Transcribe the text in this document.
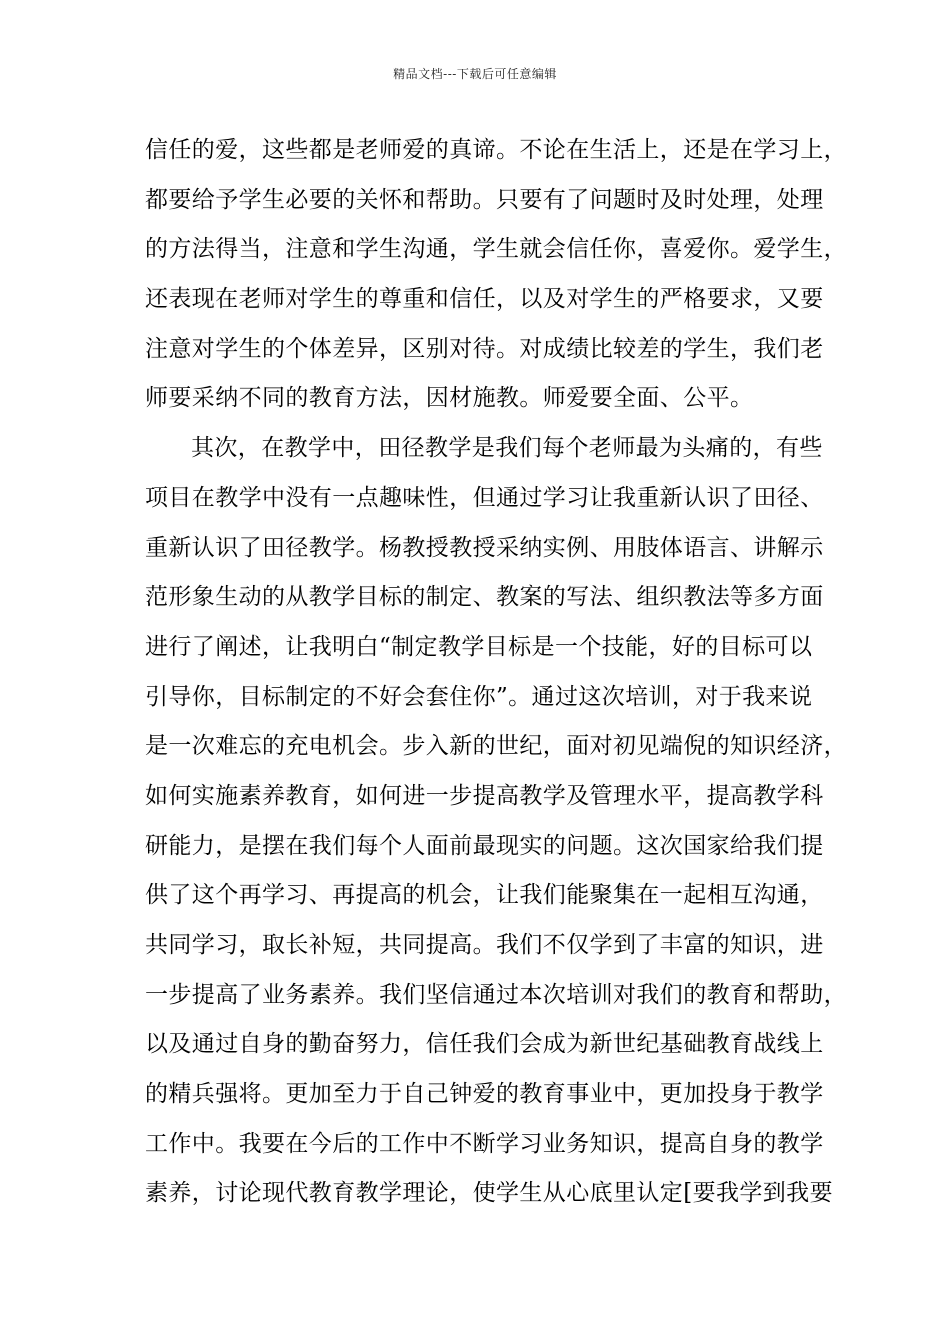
精品文档---下载后可任意编辑
信任的爱，这些都是老师爱的真谛。不论在生活上，还是在学习上，
都要给予学生必要的关怀和帮助。只要有了问题时及时处理，处理
的方法得当，注意和学生沟通，学生就会信任你，喜爱你。爱学生，
还表现在老师对学生的尊重和信任，以及对学生的严格要求，又要
注意对学生的个体差异，区别对待。对成绩比较差的学生，我们老
师要采纳不同的教育方法，因材施教。师爱要全面、公平。
其次，在教学中，田径教学是我们每个老师最为头痛的，有些
项目在教学中没有一点趣味性，但通过学习让我重新认识了田径、
重新认识了田径教学。杨教授教授采纳实例、用肢体语言、讲解示
范形象生动的从教学目标的制定、教案的写法、组织教法等多方面
进行了阐述，让我明白“制定教学目标是一个技能，好的目标可以
引导你，目标制定的不好会套住你”。通过这次培训，对于我来说
是一次难忘的充电机会。步入新的世纪，面对初见端倪的知识经济，
如何实施素养教育，如何进一步提高教学及管理水平，提高教学科
研能力，是摆在我们每个人面前最现实的问题。这次国家给我们提
供了这个再学习、再提高的机会，让我们能聚集在一起相互沟通，
共同学习，取长补短，共同提高。我们不仅学到了丰富的知识，进
一步提高了业务素养。我们坚信通过本次培训对我们的教育和帮助，
以及通过自身的勤奋努力，信任我们会成为新世纪基础教育战线上
的精兵强将。更加至力于自己钟爱的教育事业中，更加投身于教学
工作中。我要在今后的工作中不断学习业务知识，提高自身的教学
素养，讨论现代教育教学理论，使学生从心底里认定[要我学到我要
